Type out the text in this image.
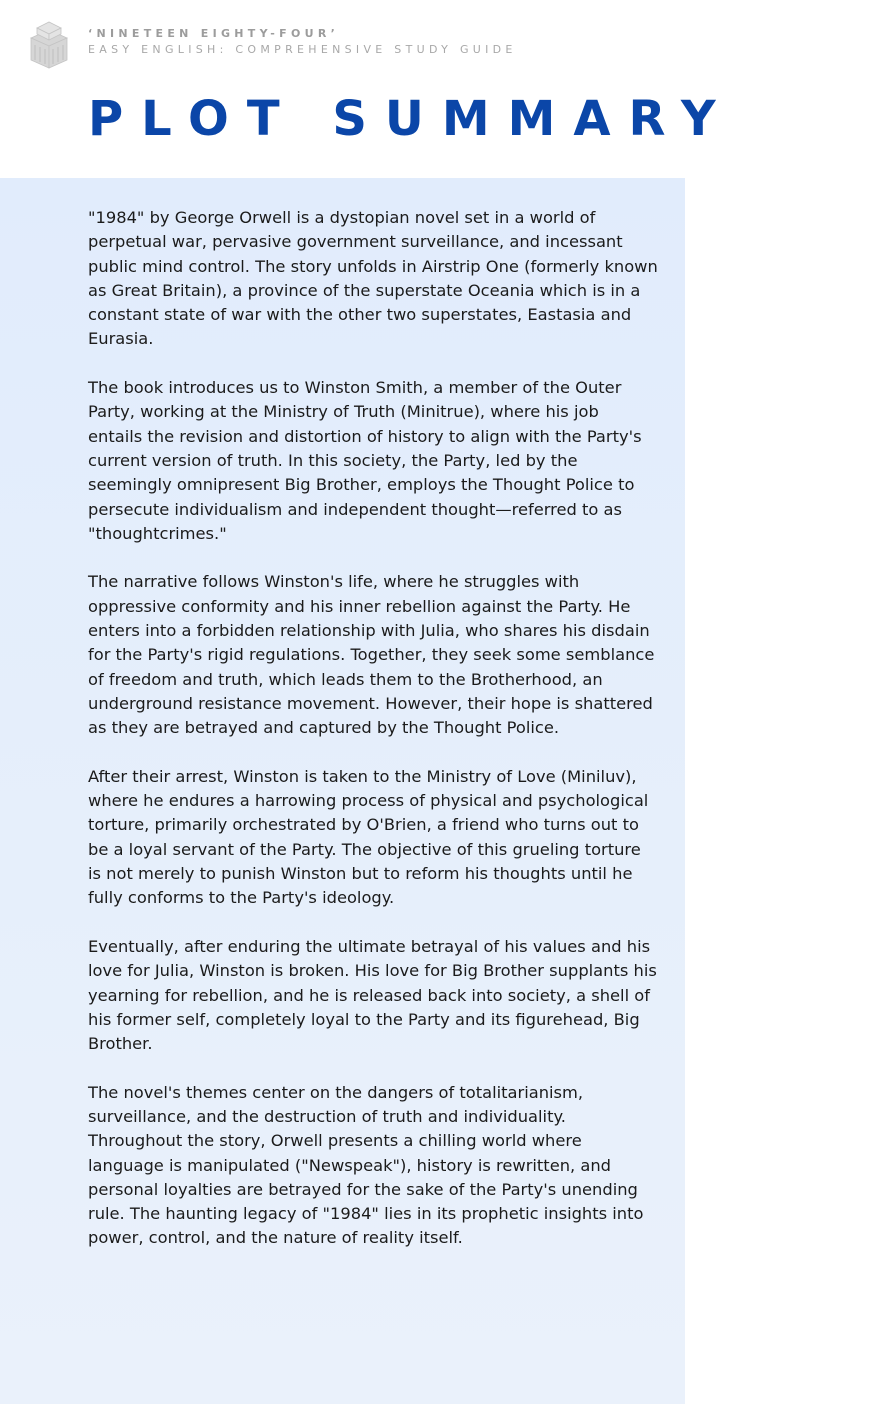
‘NINETEEN EIGHTY-FOUR’
EASY ENGLISH: COMPREHENSIVE STUDY GUIDE
PLOT SUMMARY

"1984" by George Orwell is a dystopian novel set in a world of perpetual war, pervasive government surveillance, and incessant public mind control. The story unfolds in Airstrip One (formerly known as Great Britain), a province of the superstate Oceania which is in a constant state of war with the other two superstates, Eastasia and Eurasia.

The book introduces us to Winston Smith, a member of the Outer Party, working at the Ministry of Truth (Minitrue), where his job entails the revision and distortion of history to align with the Party's current version of truth. In this society, the Party, led by the seemingly omnipresent Big Brother, employs the Thought Police to persecute individualism and independent thought—referred to as "thoughtcrimes."

The narrative follows Winston's life, where he struggles with oppressive conformity and his inner rebellion against the Party. He enters into a forbidden relationship with Julia, who shares his disdain for the Party's rigid regulations. Together, they seek some semblance of freedom and truth, which leads them to the Brotherhood, an underground resistance movement. However, their hope is shattered as they are betrayed and captured by the Thought Police.

After their arrest, Winston is taken to the Ministry of Love (Miniluv), where he endures a harrowing process of physical and psychological torture, primarily orchestrated by O'Brien, a friend who turns out to be a loyal servant of the Party. The objective of this grueling torture is not merely to punish Winston but to reform his thoughts until he fully conforms to the Party's ideology.

Eventually, after enduring the ultimate betrayal of his values and his love for Julia, Winston is broken. His love for Big Brother supplants his yearning for rebellion, and he is released back into society, a shell of his former self, completely loyal to the Party and its figurehead, Big Brother.

The novel's themes center on the dangers of totalitarianism, surveillance, and the destruction of truth and individuality. Throughout the story, Orwell presents a chilling world where language is manipulated ("Newspeak"), history is rewritten, and personal loyalties are betrayed for the sake of the Party's unending rule. The haunting legacy of "1984" lies in its prophetic insights into power, control, and the nature of reality itself.
